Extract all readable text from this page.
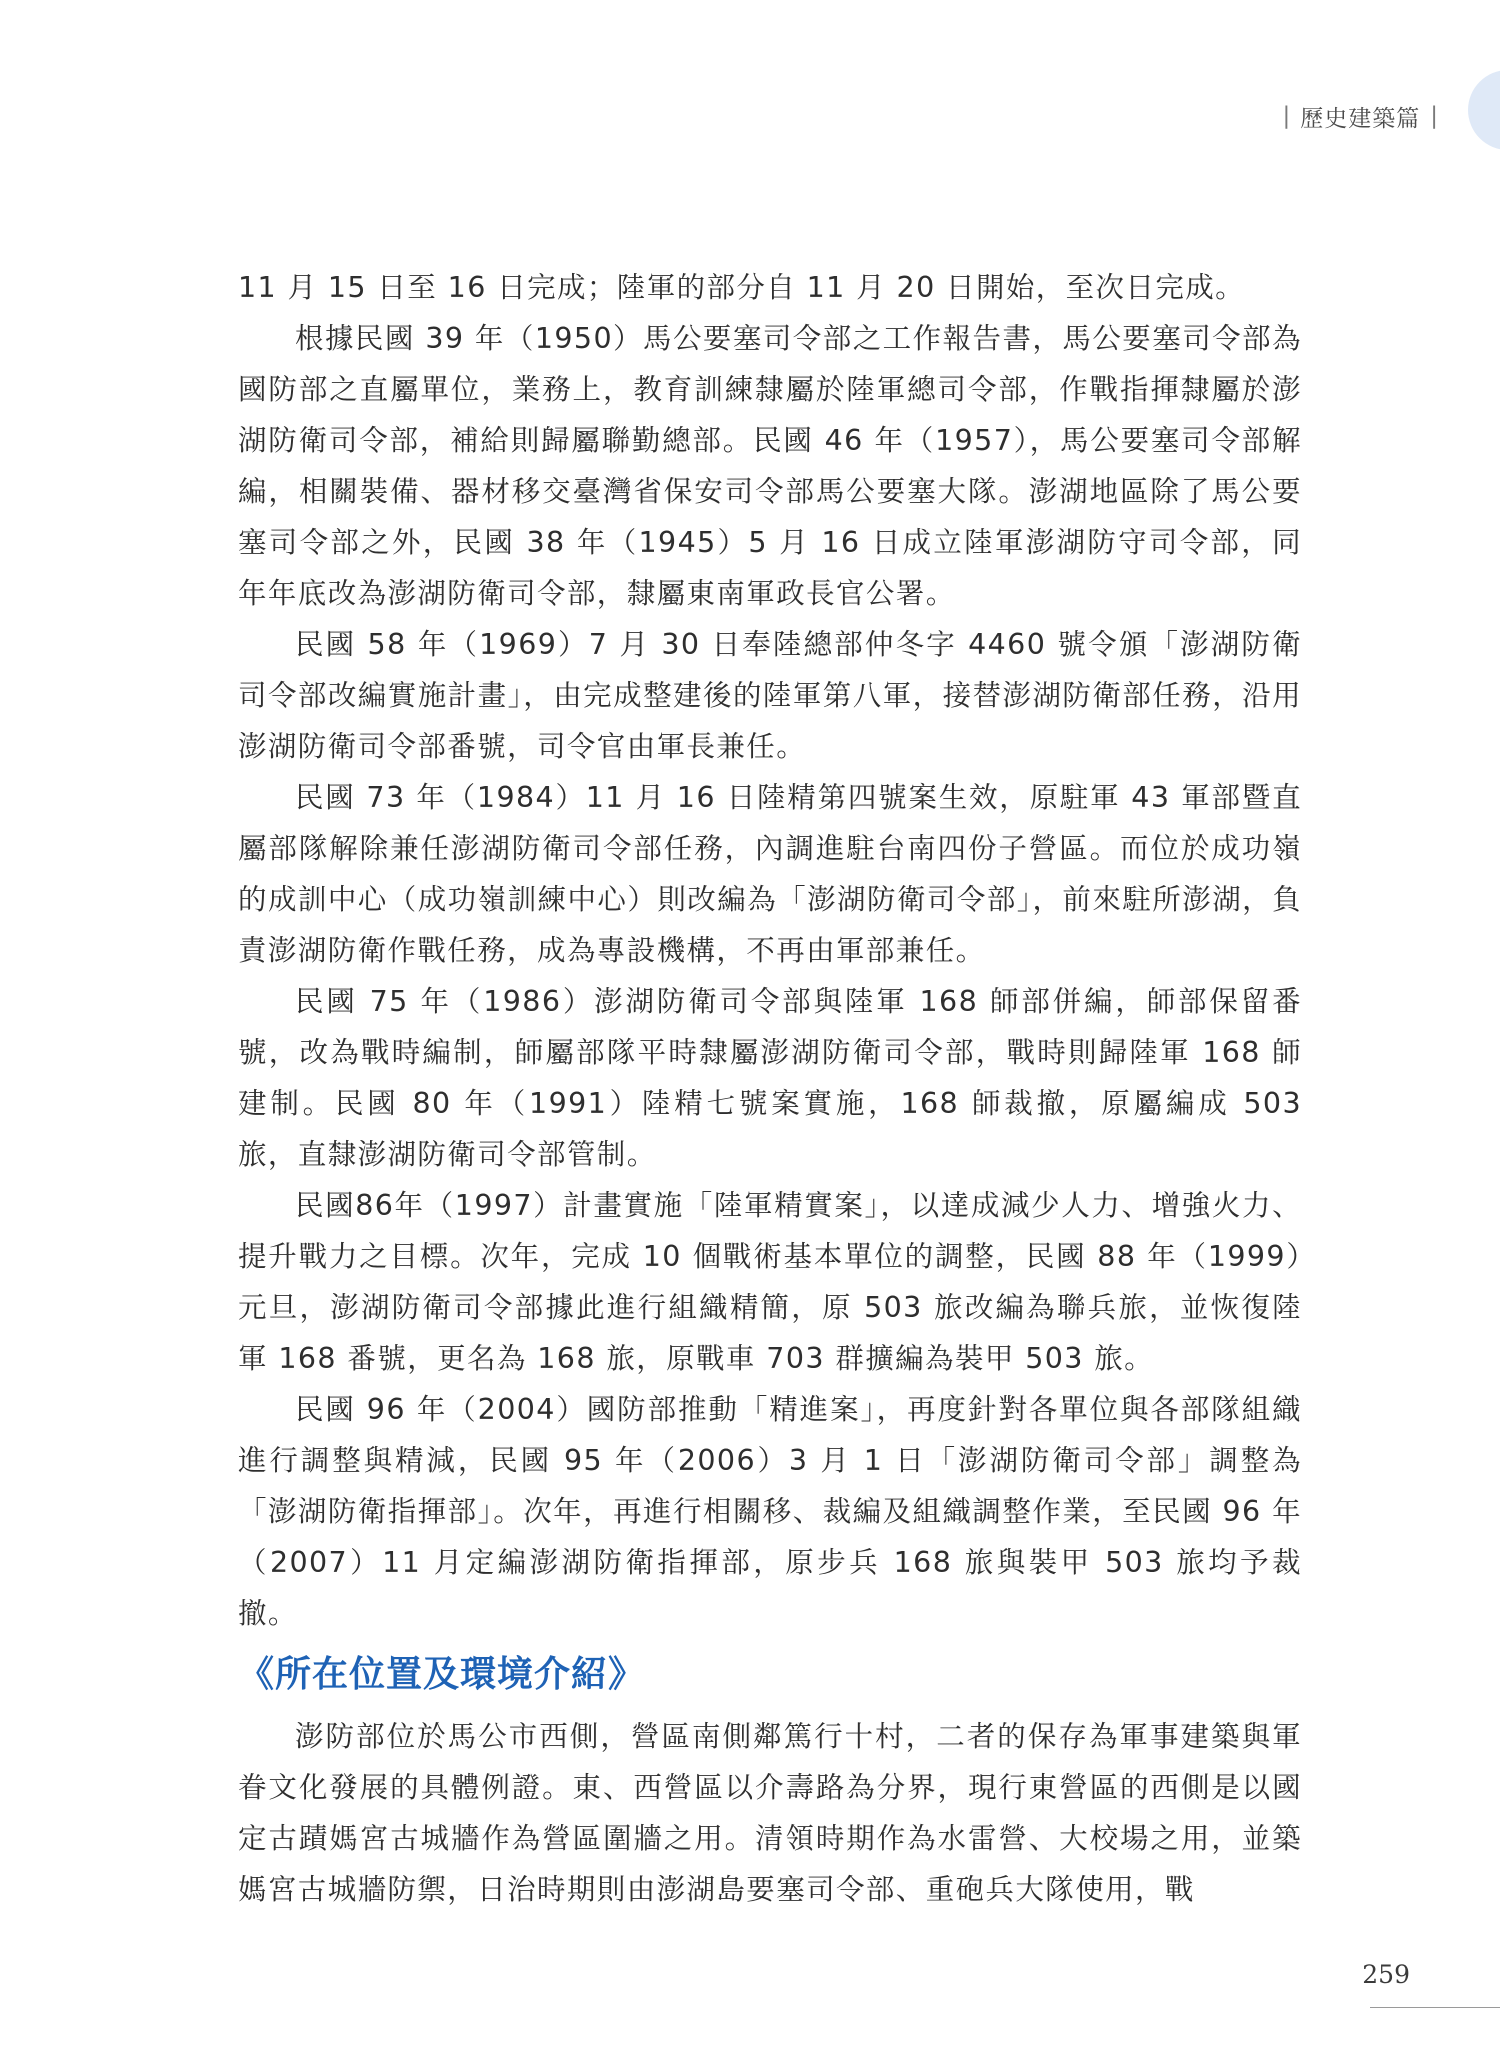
| 歷史建築篇 |

11 月 15 日至 16 日完成；陸軍的部分自 11 月 20 日開始，至次日完成。

根據民國 39 年（1950）馬公要塞司令部之工作報告書，馬公要塞司令部為國防部之直屬單位，業務上，教育訓練隸屬於陸軍總司令部，作戰指揮隸屬於澎湖防衛司令部，補給則歸屬聯勤總部。民國 46 年（1957），馬公要塞司令部解編，相關裝備、器材移交臺灣省保安司令部馬公要塞大隊。澎湖地區除了馬公要塞司令部之外，民國 38 年（1945）5 月 16 日成立陸軍澎湖防守司令部，同年年底改為澎湖防衛司令部，隸屬東南軍政長官公署。

民國 58 年（1969）7 月 30 日奉陸總部仲冬字 4460 號令頒「澎湖防衛司令部改編實施計畫」，由完成整建後的陸軍第八軍，接替澎湖防衛部任務，沿用澎湖防衛司令部番號，司令官由軍長兼任。

民國 73 年（1984）11 月 16 日陸精第四號案生效，原駐軍 43 軍部暨直屬部隊解除兼任澎湖防衛司令部任務，內調進駐台南四份子營區。而位於成功嶺的成訓中心（成功嶺訓練中心）則改編為「澎湖防衛司令部」，前來駐所澎湖，負責澎湖防衛作戰任務，成為專設機構，不再由軍部兼任。

民國 75 年（1986）澎湖防衛司令部與陸軍 168 師部併編，師部保留番號，改為戰時編制，師屬部隊平時隸屬澎湖防衛司令部，戰時則歸陸軍 168 師建制。民國 80 年（1991）陸精七號案實施，168 師裁撤，原屬編成 503 旅，直隸澎湖防衛司令部管制。

民國86年（1997）計畫實施「陸軍精實案」，以達成減少人力、增強火力、提升戰力之目標。次年，完成 10 個戰術基本單位的調整，民國 88 年（1999）元旦，澎湖防衛司令部據此進行組織精簡，原 503 旅改編為聯兵旅，並恢復陸軍 168 番號，更名為 168 旅，原戰車 703 群擴編為裝甲 503 旅。

民國 96 年（2004）國防部推動「精進案」，再度針對各單位與各部隊組織進行調整與精減，民國 95 年（2006）3 月 1 日「澎湖防衛司令部」調整為「澎湖防衛指揮部」。次年，再進行相關移、裁編及組織調整作業，至民國 96 年（2007）11 月定編澎湖防衛指揮部，原步兵 168 旅與裝甲 503 旅均予裁撤。

《所在位置及環境介紹》

澎防部位於馬公市西側，營區南側鄰篤行十村，二者的保存為軍事建築與軍眷文化發展的具體例證。東、西營區以介壽路為分界，現行東營區的西側是以國定古蹟媽宮古城牆作為營區圍牆之用。清領時期作為水雷營、大校場之用，並築媽宮古城牆防禦，日治時期則由澎湖島要塞司令部、重砲兵大隊使用，戰

259
